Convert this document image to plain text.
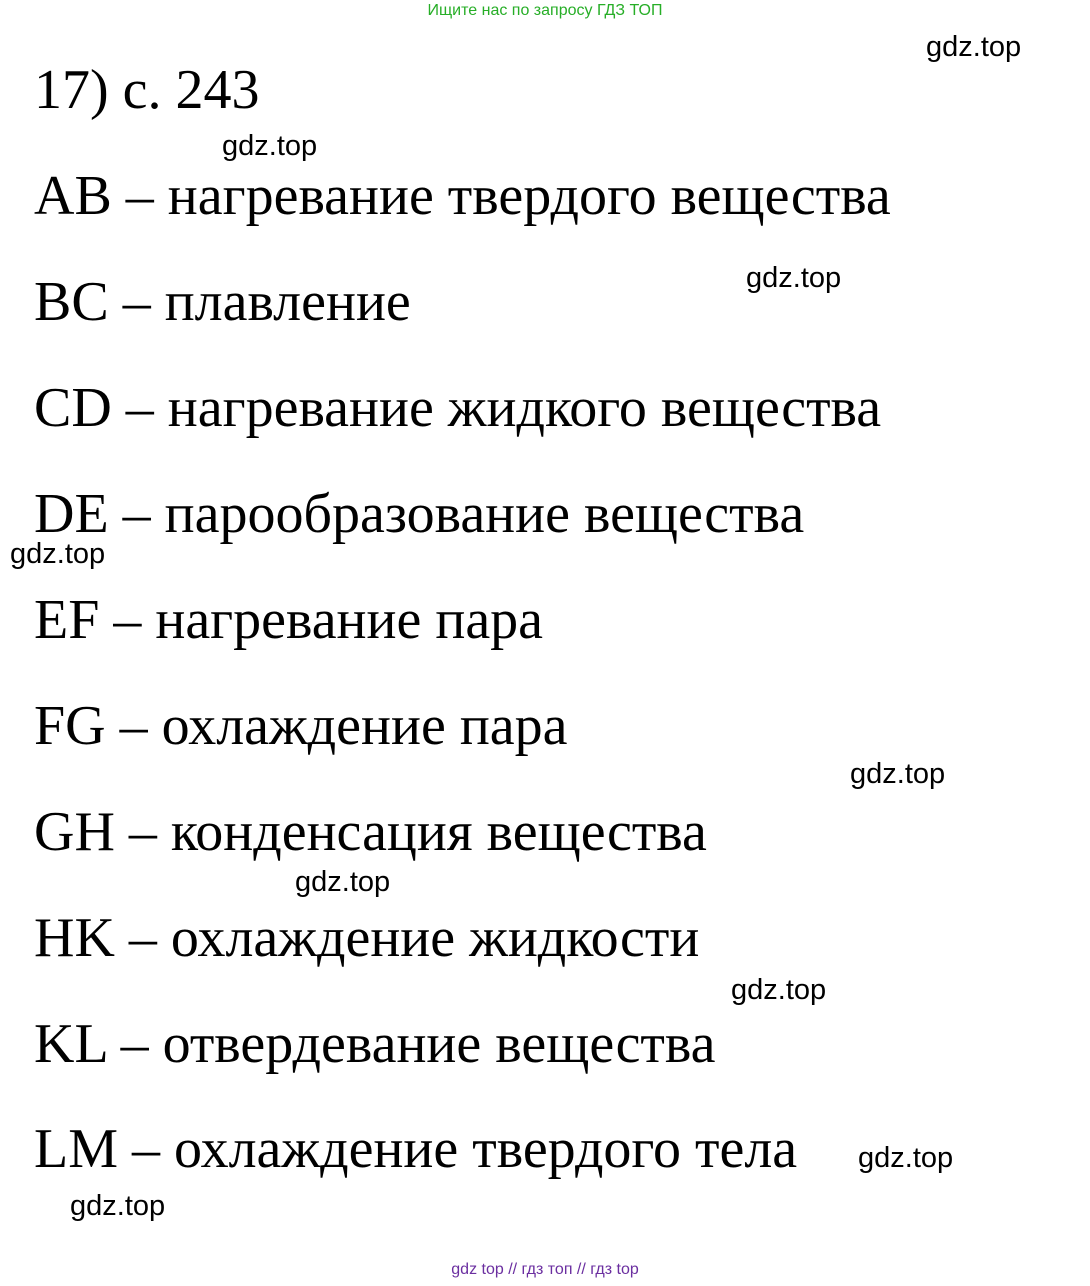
Ищите нас по запросу ГДЗ ТОП
17) с. 243
AB – нагревание твердого вещества
BC – плавление
CD – нагревание жидкого вещества
DE – парообразование вещества
EF – нагревание пара
FG – охлаждение пара
GH – конденсация вещества
HK – охлаждение жидкости
KL – отвердевание вещества
LM – охлаждение твердого тела
gdz.top
gdz.top
gdz.top
gdz.top
gdz.top
gdz.top
gdz.top
gdz.top
gdz.top
gdz top // гдз топ // гдз top
